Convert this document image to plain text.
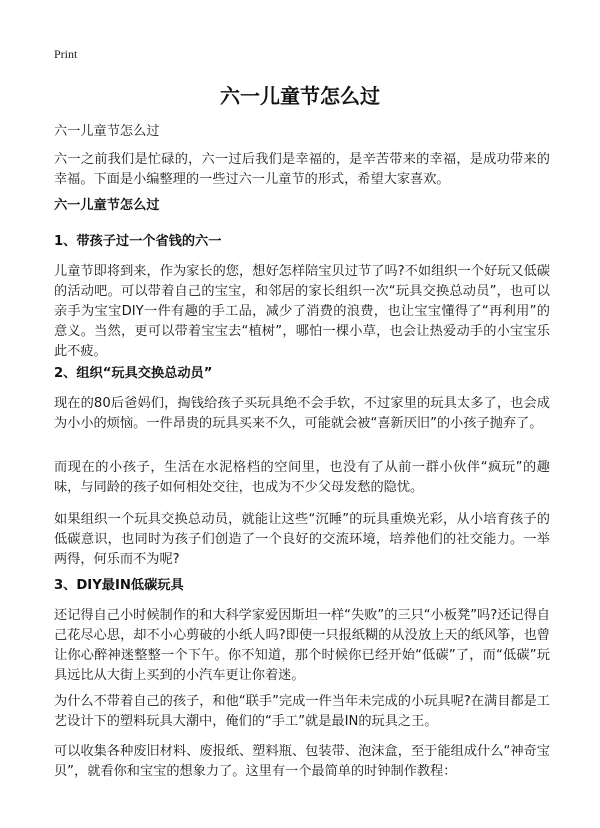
Print
六一儿童节怎么过

六一儿童节怎么过

六一之前我们是忙碌的，六一过后我们是幸福的，是辛苦带来的幸福，是成功带来的幸福。下面是小编整理的一些过六一儿童节的形式，希望大家喜欢。

六一儿童节怎么过

1、带孩子过一个省钱的六一

儿童节即将到来，作为家长的您，想好怎样陪宝贝过节了吗?不如组织一个好玩又低碳的活动吧。可以带着自己的宝宝，和邻居的家长组织一次“玩具交换总动员”，也可以亲手为宝宝DIY一件有趣的手工品，减少了消费的浪费，也让宝宝懂得了“再利用”的意义。当然，更可以带着宝宝去“植树”，哪怕一棵小草，也会让热爱动手的小宝宝乐此不疲。

2、组织“玩具交换总动员”

现在的80后爸妈们，掏钱给孩子买玩具绝不会手软，不过家里的玩具太多了，也会成为小小的烦恼。一件昂贵的玩具买来不久，可能就会被“喜新厌旧”的小孩子抛弃了。

而现在的小孩子，生活在水泥格档的空间里，也没有了从前一群小伙伴“疯玩”的趣味，与同龄的孩子如何相处交往，也成为不少父母发愁的隐忧。

如果组织一个玩具交换总动员，就能让这些“沉睡”的玩具重焕光彩，从小培育孩子的低碳意识，也同时为孩子们创造了一个良好的交流环境，培养他们的社交能力。一举两得，何乐而不为呢?

3、DIY最IN低碳玩具

还记得自己小时候制作的和大科学家爱因斯坦一样“失败”的三只“小板凳”吗?还记得自己花尽心思，却不小心剪破的小纸人吗?即使一只报纸糊的从没放上天的纸风筝，也曾让你心醉神迷整整一个下午。你不知道，那个时候你已经开始“低碳”了，而“低碳”玩具远比从大街上买到的小汽车更让你着迷。

为什么不带着自己的孩子，和他“联手”完成一件当年未完成的小玩具呢?在满目都是工艺设计下的塑料玩具大潮中，俺们的“手工”就是最IN的玩具之王。

可以收集各种废旧材料、废报纸、塑料瓶、包装带、泡沫盒，至于能组成什么“神奇宝贝”，就看你和宝宝的想象力了。这里有一个最简单的时钟制作教程：
